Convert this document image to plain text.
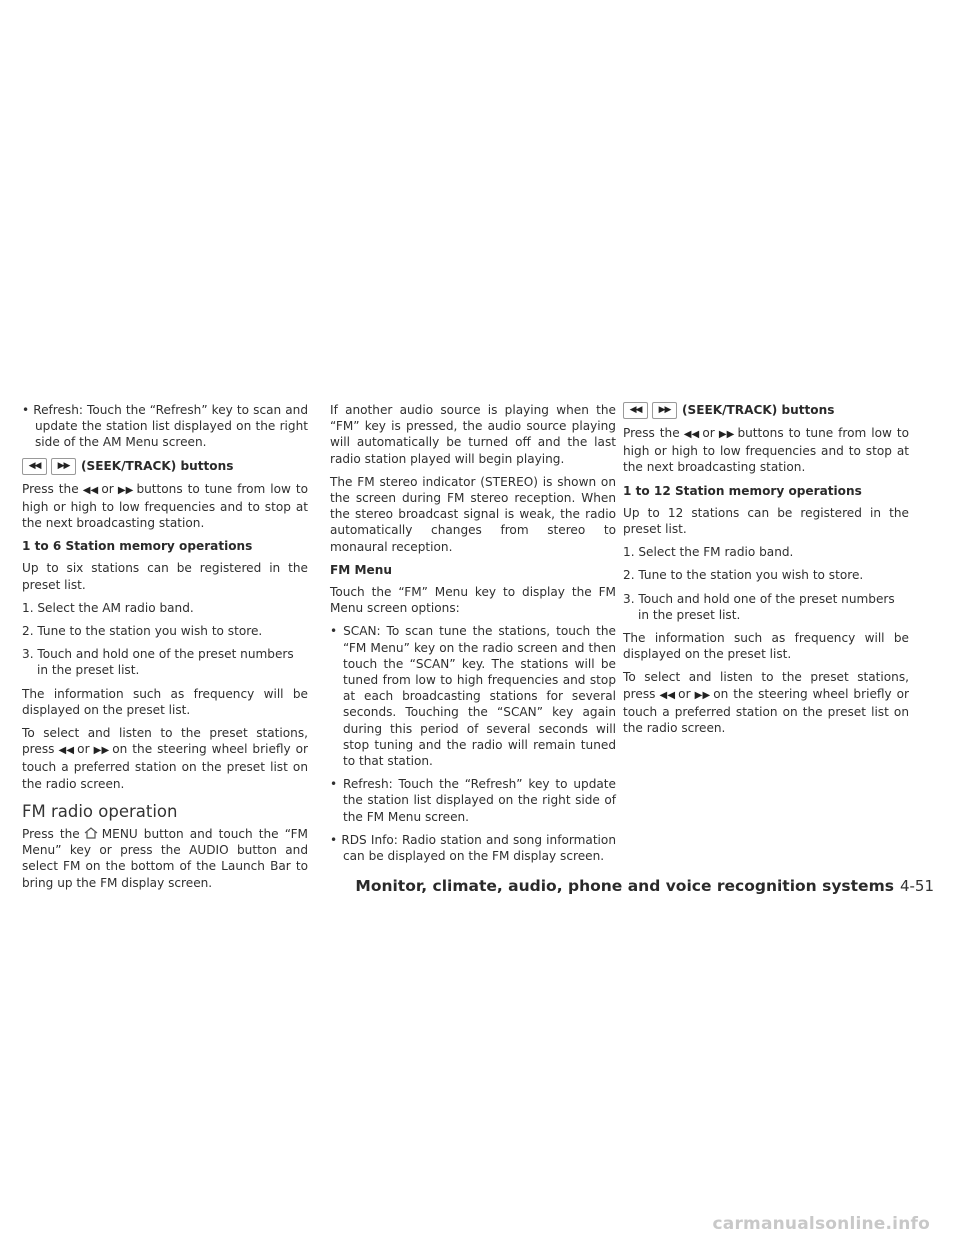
• Refresh: Touch the “Refresh” key to scan and update the station list displayed on the right side of the AM Menu screen.

◀◀	▶▶ (SEEK/TRACK) buttons

Press the ◀◀ or ▶▶ buttons to tune from low to high or high to low frequencies and to stop at the next broadcasting station.

1 to 6 Station memory operations

Up to six stations can be registered in the preset list.

1. Select the AM radio band.

2. Tune to the station you wish to store.

3. Touch and hold one of the preset numbers in the preset list.

The information such as frequency will be displayed on the preset list.

To select and listen to the preset stations, press ◀◀ or ▶▶ on the steering wheel briefly or touch a preferred station on the preset list on the radio screen.

FM radio operation

Press the MENU button and touch the “FM Menu” key or press the AUDIO button and select FM on the bottom of the Launch Bar to bring up the FM display screen.

If another audio source is playing when the “FM” key is pressed, the audio source playing will automatically be turned off and the last radio station played will begin playing.

The FM stereo indicator (STEREO) is shown on the screen during FM stereo reception. When the stereo broadcast signal is weak, the radio automatically changes from stereo to monaural reception.

FM Menu

Touch the “FM” Menu key to display the FM Menu screen options:

• SCAN: To scan tune the stations, touch the “FM Menu” key on the radio screen and then touch the “SCAN” key. The stations will be tuned from low to high frequencies and stop at each broadcasting stations for several seconds. Touching the “SCAN” key again during this period of several seconds will stop tuning and the radio will remain tuned to that station.

• Refresh: Touch the “Refresh” key to update the station list displayed on the right side of the FM Menu screen.

• RDS Info: Radio station and song information can be displayed on the FM display screen.

◀◀	▶▶ (SEEK/TRACK) buttons

Press the ◀◀ or ▶▶ buttons to tune from low to high or high to low frequencies and to stop at the next broadcasting station.

1 to 12 Station memory operations

Up to 12 stations can be registered in the preset list.

1. Select the FM radio band.

2. Tune to the station you wish to store.

3. Touch and hold one of the preset numbers in the preset list.

The information such as frequency will be displayed on the preset list.

To select and listen to the preset stations, press ◀◀ or ▶▶ on the steering wheel briefly or touch a preferred station on the preset list on the radio screen.

Monitor, climate, audio, phone and voice recognition systems 4-51
carmanualsonline.info
